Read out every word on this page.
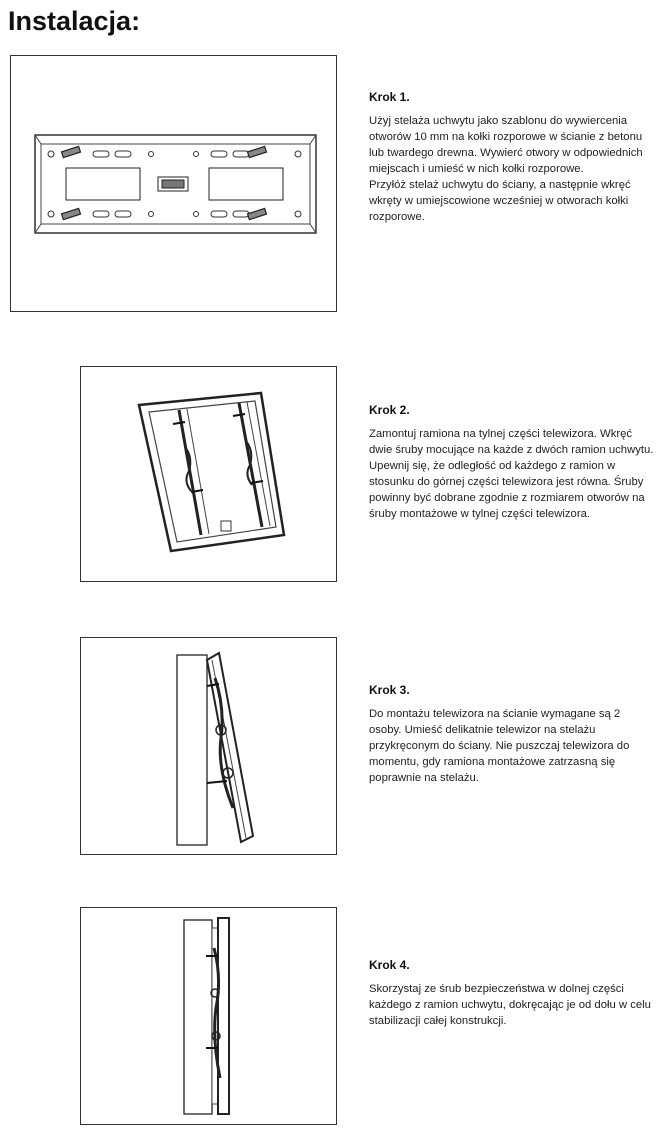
Instalacja:
Krok 1.

Użyj stelaża uchwytu jako szablonu do wywiercenia otworów 10 mm na kołki rozporowe w ścianie z betonu lub twardego drewna. Wywierć otwory w odpowiednich miejscach i umieść w nich kołki rozporowe.

Przyłóż stelaż uchwytu do ściany, a następnie wkręć wkręty w umiejscowione wcześniej w otworach kołki rozporowe.

Krok 2.

Zamontuj ramiona na tylnej części telewizora. Wkręć dwie śruby mocujące na każde z dwóch ramion uchwytu. Upewnij się, że odległość od każdego z ramion w stosunku do górnej części telewizora jest równa. Śruby powinny być dobrane zgodnie z rozmiarem otworów na śruby montażowe w tylnej części telewizora.

Krok 3.

Do montażu telewizora na ścianie wymagane są 2 osoby. Umieść delikatnie telewizor na stelażu przykręconym do ściany. Nie puszczaj telewizora do momentu, gdy ramiona montażowe zatrzasną się poprawnie na stelażu.

Krok 4.

Skorzystaj ze śrub bezpieczeństwa w dolnej części każdego z ramion uchwytu, dokręcając je od dołu w celu stabilizacji całej konstrukcji.
